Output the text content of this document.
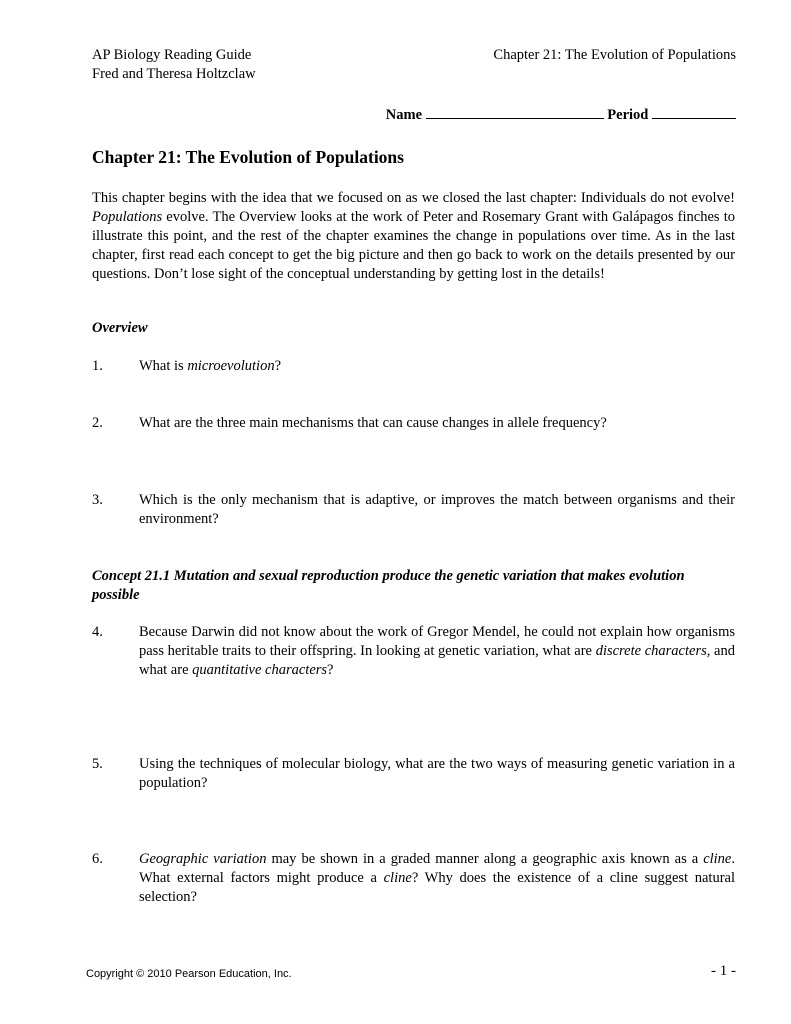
AP Biology Reading Guide
Fred and Theresa Holtzclaw
Chapter 21: The Evolution of Populations
Name	Period
Chapter 21: The Evolution of Populations
This chapter begins with the idea that we focused on as we closed the last chapter: Individuals do not evolve! Populations evolve. The Overview looks at the work of Peter and Rosemary Grant with Galápagos finches to illustrate this point, and the rest of the chapter examines the change in populations over time. As in the last chapter, first read each concept to get the big picture and then go back to work on the details presented by our questions. Don’t lose sight of the conceptual understanding by getting lost in the details!
Overview
1. What is microevolution?
2. What are the three main mechanisms that can cause changes in allele frequency?
3. Which is the only mechanism that is adaptive, or improves the match between organisms and their environment?
Concept 21.1 Mutation and sexual reproduction produce the genetic variation that makes evolution possible
4. Because Darwin did not know about the work of Gregor Mendel, he could not explain how organisms pass heritable traits to their offspring. In looking at genetic variation, what are discrete characters, and what are quantitative characters?
5. Using the techniques of molecular biology, what are the two ways of measuring genetic variation in a population?
6. Geographic variation may be shown in a graded manner along a geographic axis known as a cline. What external factors might produce a cline? Why does the existence of a cline suggest natural selection?
Copyright © 2010 Pearson Education, Inc.	- 1 -
